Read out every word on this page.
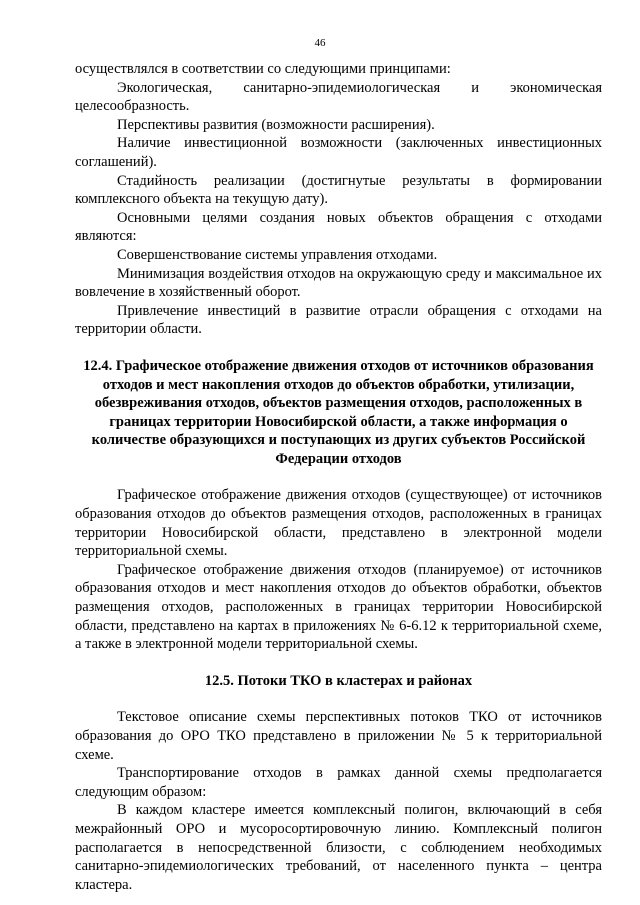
46

осуществлялся в соответствии со следующими принципами:

Экологическая, санитарно-эпидемиологическая и экономическая целесообразность.

Перспективы развития (возможности расширения).

Наличие инвестиционной возможности (заключенных инвестиционных соглашений).

Стадийность реализации (достигнутые результаты в формировании комплексного объекта на текущую дату).

Основными целями создания новых объектов обращения с отходами являются:

Совершенствование системы управления отходами.

Минимизация воздействия отходов на окружающую среду и максимальное их вовлечение в хозяйственный оборот.

Привлечение инвестиций в развитие отрасли обращения с отходами на территории области.

12.4. Графическое отображение движения отходов от источников образования отходов и мест накопления отходов до объектов обработки, утилизации, обезвреживания отходов, объектов размещения отходов, расположенных в границах территории Новосибирской области, а также информация о количестве образующихся и поступающих из других субъектов Российской Федерации отходов

Графическое отображение движения отходов (существующее) от источников образования отходов до объектов размещения отходов, расположенных в границах территории Новосибирской области, представлено в электронной модели территориальной схемы.

Графическое отображение движения отходов (планируемое) от источников образования отходов и мест накопления отходов до объектов обработки, объектов размещения отходов, расположенных в границах территории Новосибирской области, представлено на картах в приложениях № 6-6.12 к территориальной схеме, а также в электронной модели территориальной схемы.

12.5. Потоки ТКО в кластерах и районах

Текстовое описание схемы перспективных потоков ТКО от источников образования до ОРО ТКО представлено в приложении № 5 к территориальной схеме.

Транспортирование отходов в рамках данной схемы предполагается следующим образом:

В каждом кластере имеется комплексный полигон, включающий в себя межрайонный ОРО и мусоросортировочную линию. Комплексный полигон располагается в непосредственной близости, с соблюдением необходимых санитарно-эпидемиологических требований, от населенного пункта – центра кластера.
